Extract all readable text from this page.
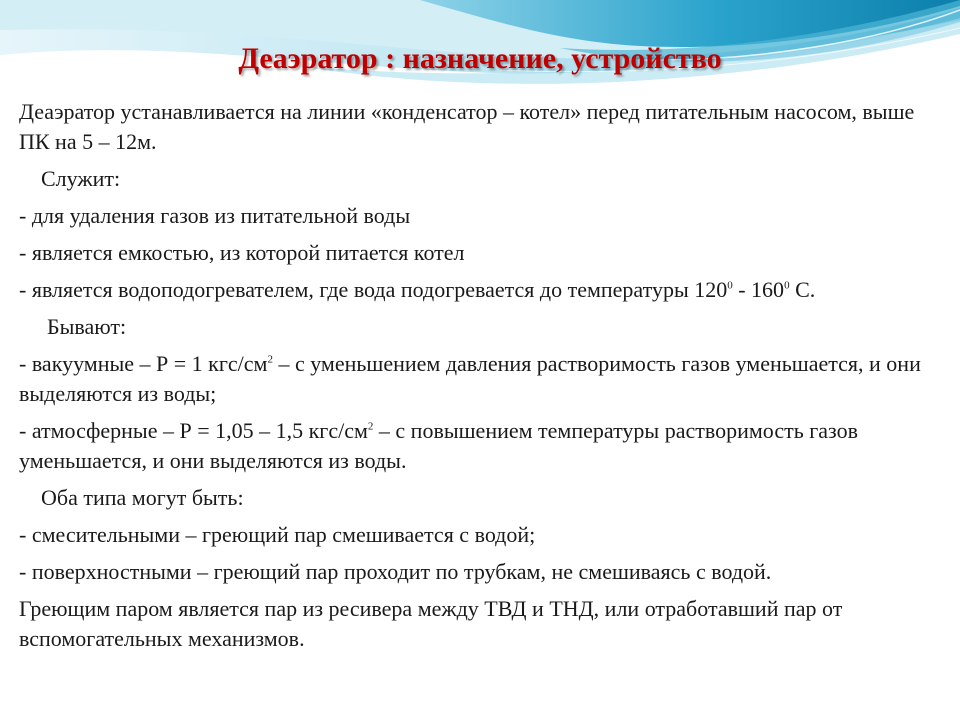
Деаэратор : назначение, устройство

Деаэратор устанавливается на линии «конденсатор – котел» перед питательным насосом, выше ПК на 5 – 12м.

Служит:

- для удаления газов из питательной воды

- является емкостью, из которой питается котел

- является водоподогревателем, где вода подогревается до температуры $120^0 - 160^0$ С.

Бывают:

- вакуумные – Р = 1 кгс/$см^2$ – с уменьшением давления растворимость газов уменьшается, и они выделяются из воды;

- атмосферные – Р = 1,05 – 1,5 кгс/$см^2$ – с повышением температуры растворимость газов уменьшается, и они выделяются из воды.

Оба типа могут быть:

- смесительными – греющий пар смешивается с водой;

- поверхностными – греющий пар проходит по трубкам, не смешиваясь с водой.

Греющим паром является пар из ресивера между ТВД и ТНД, или отработавший пар от вспомогательных механизмов.
